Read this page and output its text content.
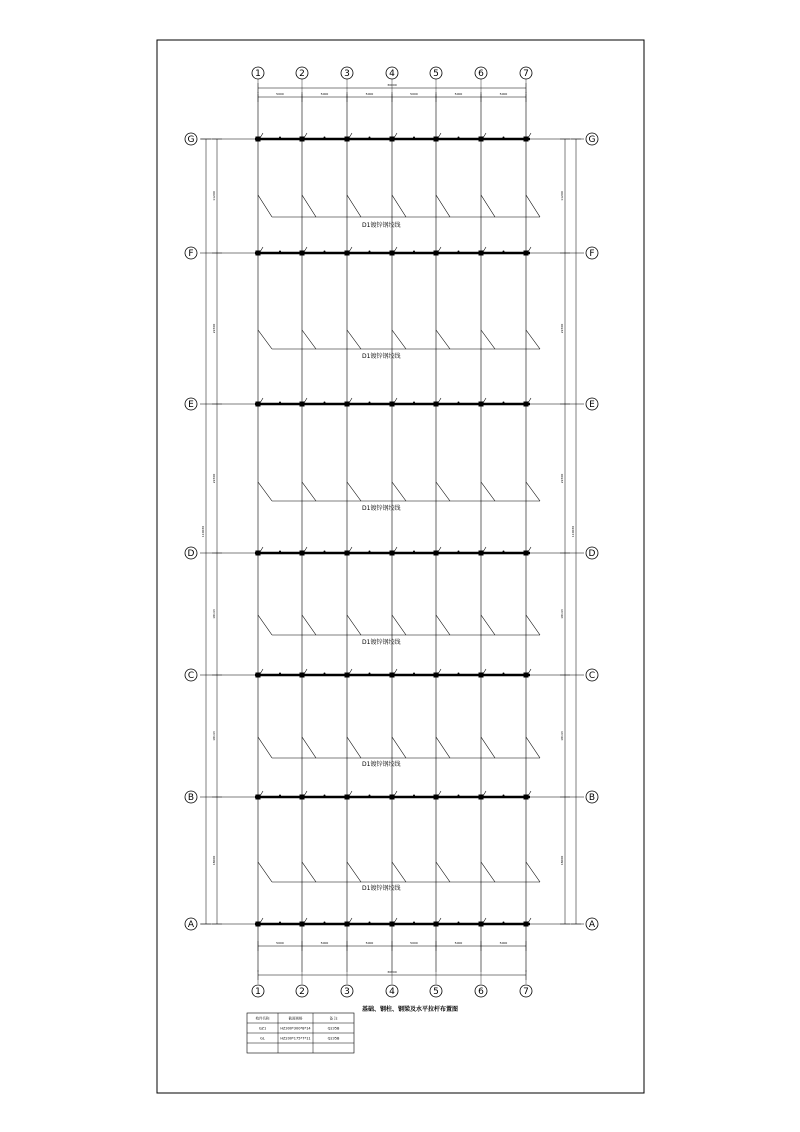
D1镀锌钢绞线
D1镀锌钢绞线
D1镀锌钢绞线
D1镀锌钢绞线
D1镀锌钢绞线
D1镀锌钢绞线
30000
5000	5000	5000	5000	5000	5000
5000	5000	5000	5000	5000	5000
30000
110030
11200
22300
22300
18143
18143
18000
11200
22300
22300
18143
18143
18000
110030
1
1
2
2
3
3
4
4
5
5
6
6
7
7
G	G
F	F
E	E
D	D
C	C
B	B
A	A
基础、钢柱、钢梁及水平拉杆布置图
构件名称	截面规格	备 注
GZ1	HZ300*300*8*14	Q235B
GL	HZ200*175*7*11	Q235B
